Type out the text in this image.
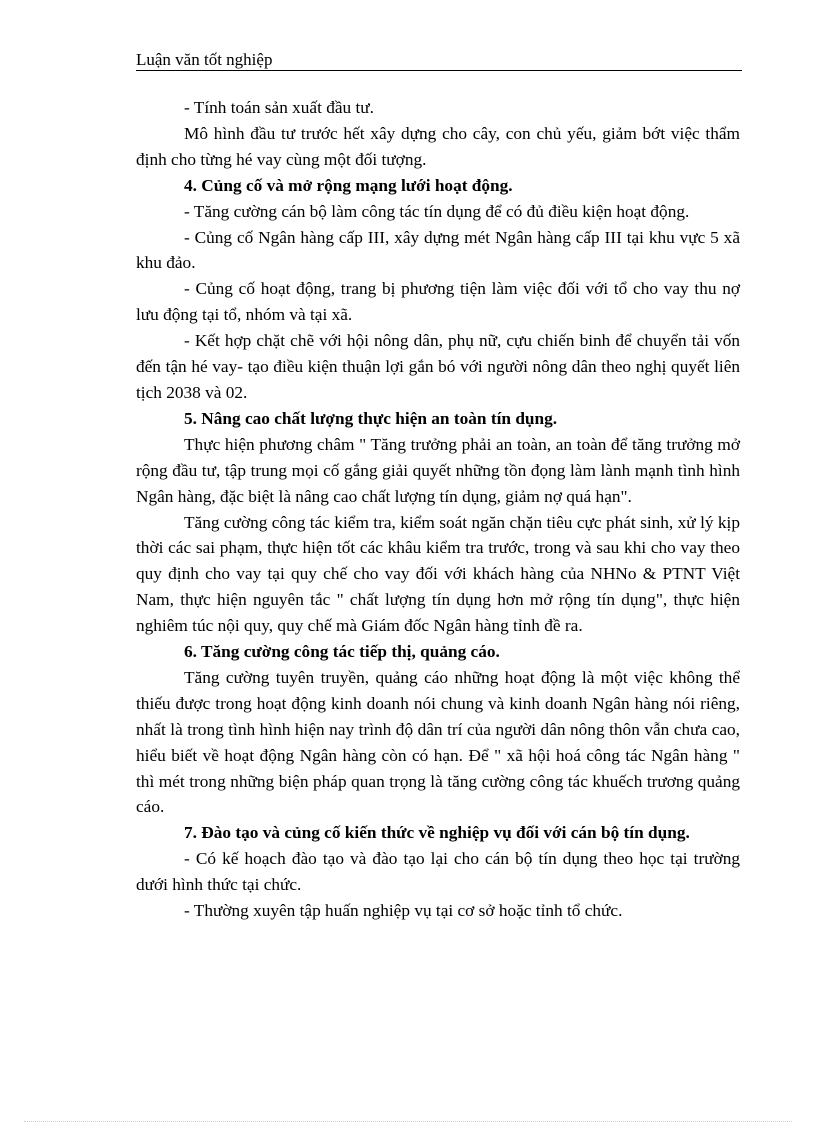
Luận văn tốt nghiệp

- Tính toán sản xuất đầu tư.

Mô hình đầu tư trước hết xây dựng cho cây, con chủ yếu, giảm bớt việc thẩm định cho từng hé vay cùng một đối tượng.

4. Củng cố và mở rộng mạng lưới hoạt động.

- Tăng cường cán bộ làm công tác tín dụng để có đủ điều kiện hoạt động.

- Củng cố Ngân hàng cấp III, xây dựng mét Ngân hàng cấp III tại khu vực 5 xã khu đảo.

- Củng cố hoạt động, trang bị phương tiện làm việc đối với tổ cho vay thu nợ lưu động tại tổ, nhóm và tại xã.

- Kết hợp chặt chẽ với hội nông dân, phụ nữ, cựu chiến binh để chuyển tải vốn đến tận hé vay- tạo điều kiện thuận lợi gắn bó với người nông dân theo nghị quyết liên tịch 2038 và 02.

5. Nâng cao chất lượng thực hiện an toàn tín dụng.

Thực hiện phương châm " Tăng trưởng phải an toàn, an toàn để tăng trưởng mở rộng đầu tư, tập trung mọi cố gắng giải quyết những tồn đọng làm lành mạnh tình hình Ngân hàng, đặc biệt là nâng cao chất lượng tín dụng, giảm nợ quá hạn".

Tăng cường công tác kiểm tra, kiểm soát ngăn chặn tiêu cực phát sinh, xử lý kịp thời các sai phạm, thực hiện tốt các khâu kiểm tra trước, trong và sau khi cho vay theo quy định cho vay tại quy chế cho vay đối với khách hàng của NHNo & PTNT Việt Nam, thực hiện nguyên tắc " chất lượng tín dụng hơn mở rộng tín dụng", thực hiện nghiêm túc nội quy, quy chế mà Giám đốc Ngân hàng tỉnh đề ra.

6. Tăng cường công tác tiếp thị, quảng cáo.

Tăng cường tuyên truyền, quảng cáo những hoạt động là một việc không thể thiếu được trong hoạt động kinh doanh nói chung và kinh doanh Ngân hàng nói riêng, nhất là trong tình hình hiện nay trình độ dân trí của người dân nông thôn vẫn chưa cao, hiểu biết về hoạt động Ngân hàng còn có hạn. Để " xã hội hoá công tác Ngân hàng " thì mét trong những biện pháp quan trọng là tăng cường công tác khuếch trương quảng cáo.

7. Đào tạo và củng cố kiến thức về nghiệp vụ đối với cán bộ tín dụng.

- Có kế hoạch đào tạo và đào tạo lại cho cán bộ tín dụng theo học tại trường dưới hình thức tại chức.

- Thường xuyên tập huấn nghiệp vụ tại cơ sở hoặc tỉnh tổ chức.
